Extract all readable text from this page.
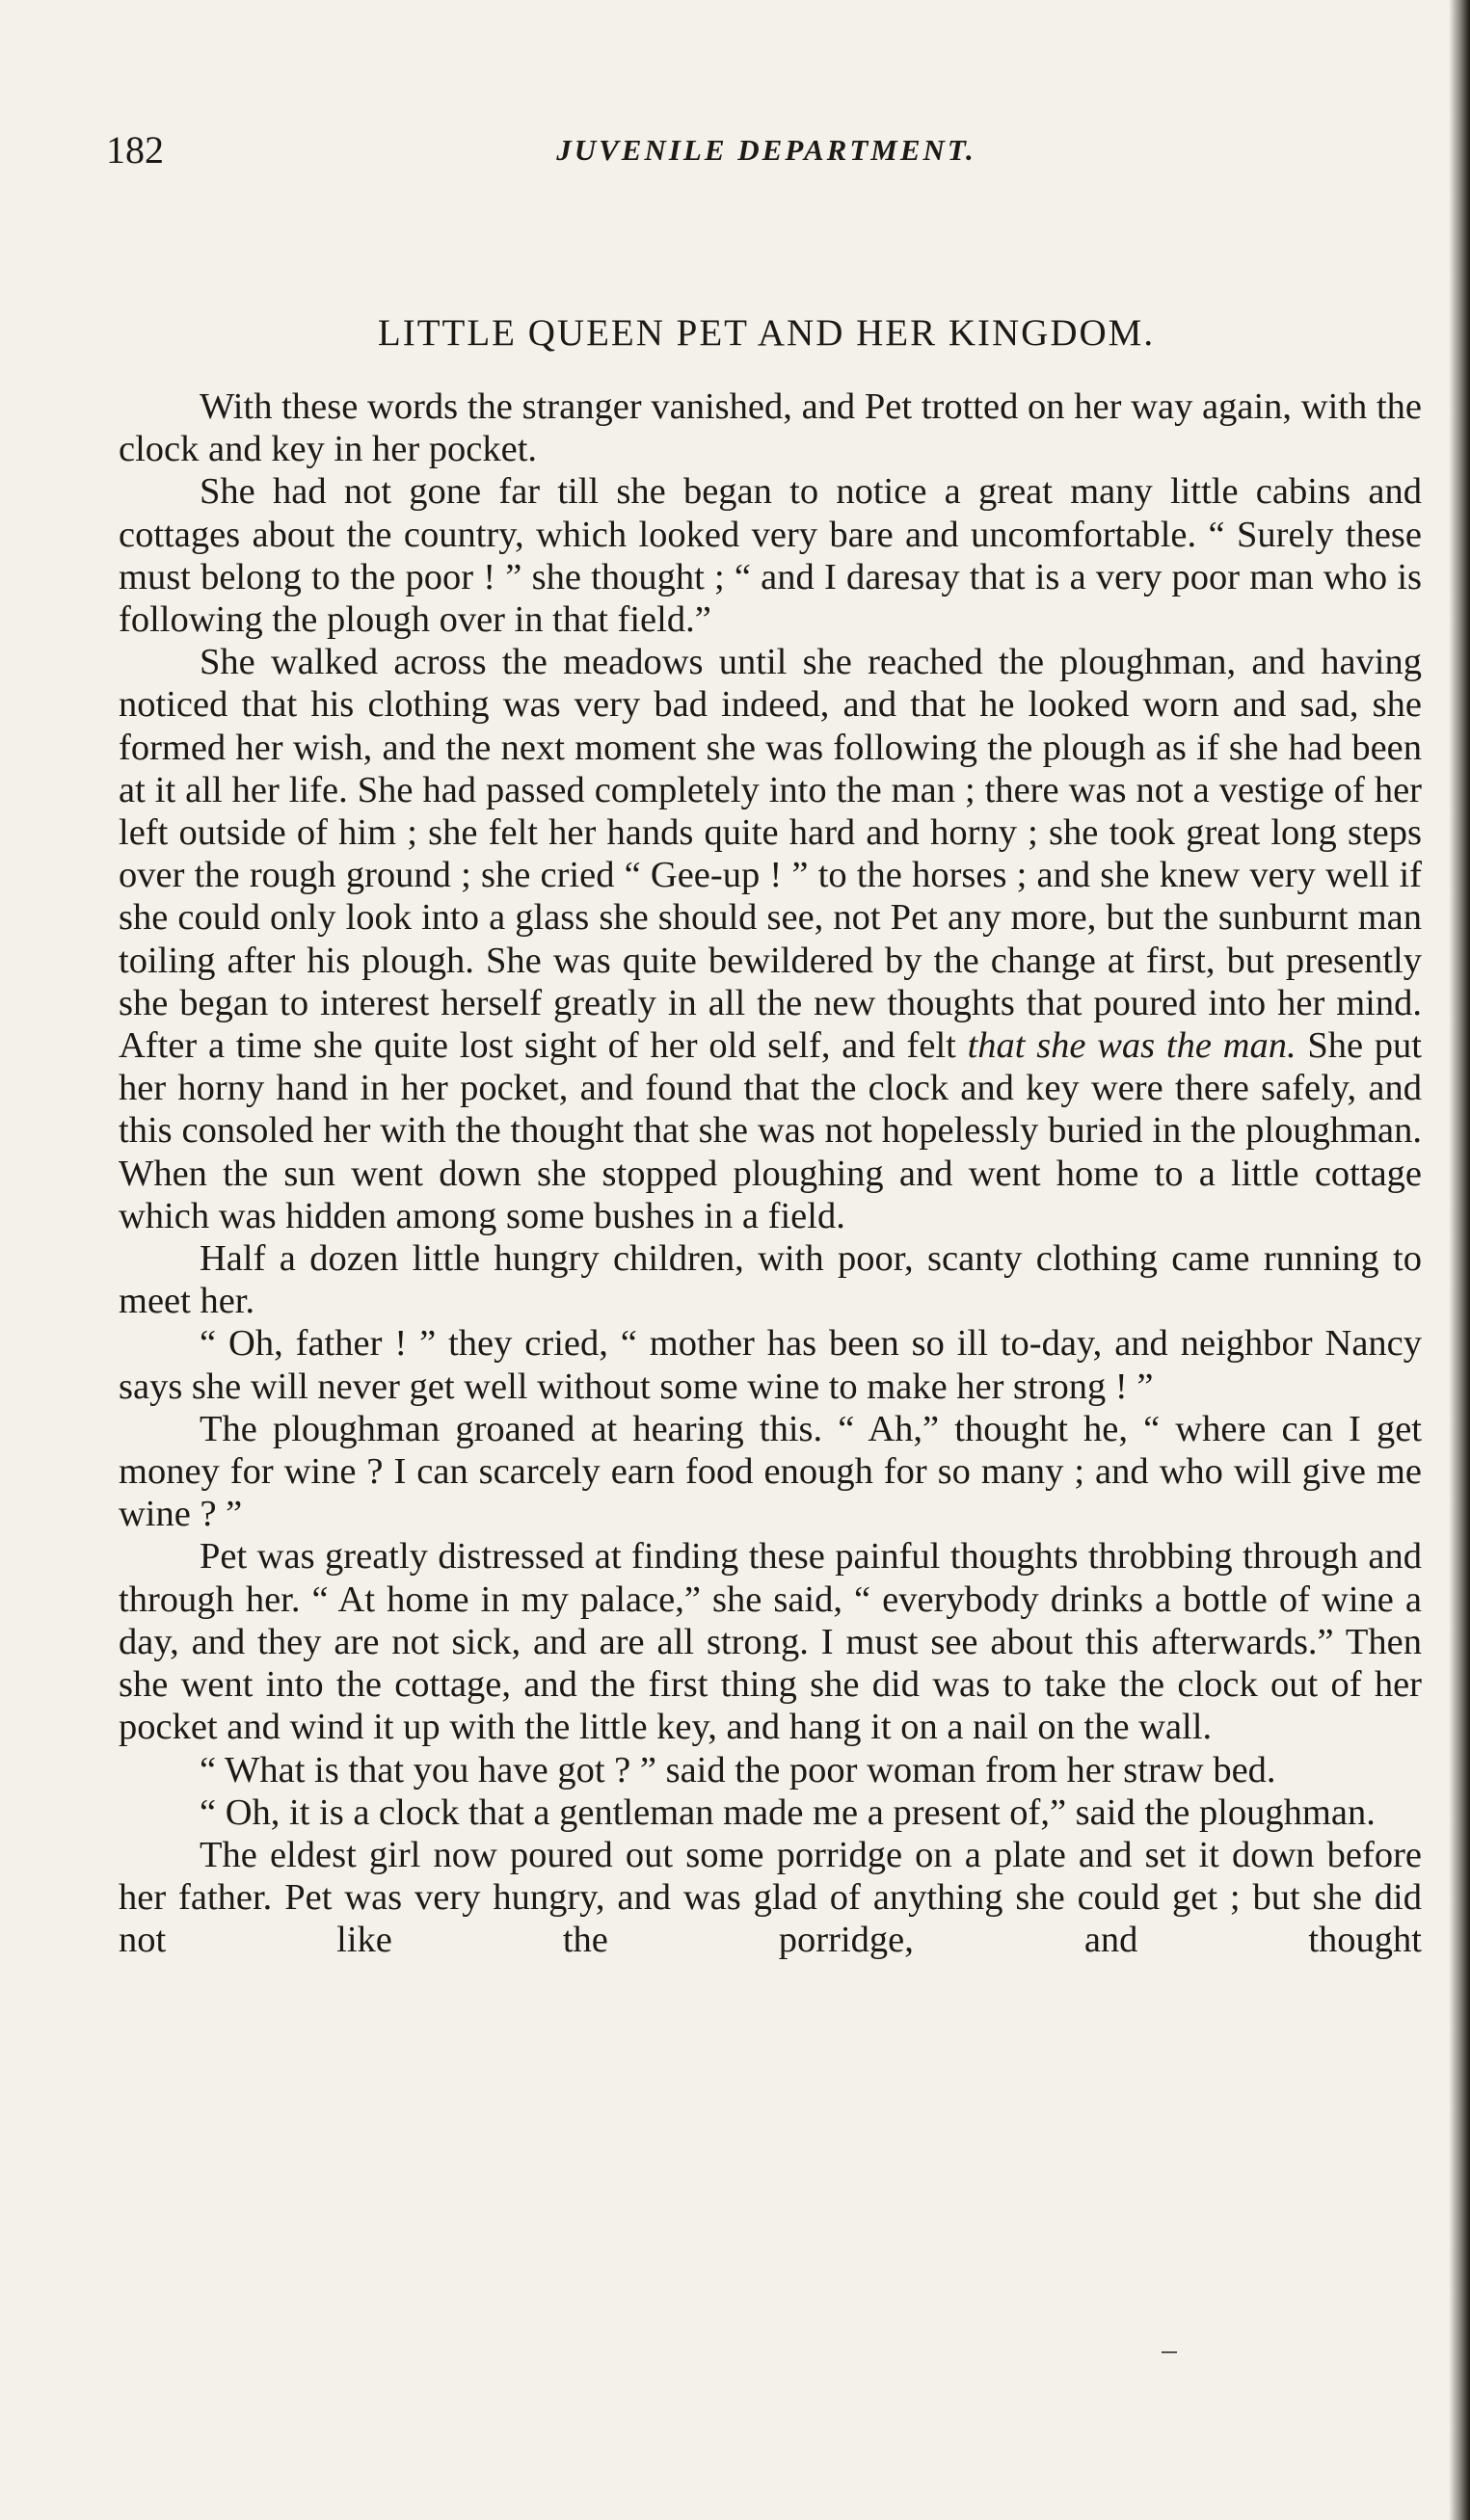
182	JUVENILE DEPARTMENT.
LITTLE QUEEN PET AND HER KINGDOM.

With these words the stranger vanished, and Pet trotted on her way again, with the clock and key in her pocket.

She had not gone far till she began to notice a great many little cabins and cottages about the country, which looked very bare and uncomfortable. “ Surely these must belong to the poor ! ” she thought ; “ and I daresay that is a very poor man who is following the plough over in that field.”

She walked across the meadows until she reached the ploughman, and having noticed that his clothing was very bad indeed, and that he looked worn and sad, she formed her wish, and the next moment she was following the plough as if she had been at it all her life. She had passed completely into the man ; there was not a vestige of her left outside of him ; she felt her hands quite hard and horny ; she took great long steps over the rough ground ; she cried “ Gee-up ! ” to the horses ; and she knew very well if she could only look into a glass she should see, not Pet any more, but the sunburnt man toiling after his plough. She was quite bewildered by the change at first, but presently she began to interest herself greatly in all the new thoughts that poured into her mind. After a time she quite lost sight of her old self, and felt that she was the man. She put her horny hand in her pocket, and found that the clock and key were there safely, and this consoled her with the thought that she was not hopelessly buried in the ploughman. When the sun went down she stopped ploughing and went home to a little cottage which was hidden among some bushes in a field.

Half a dozen little hungry children, with poor, scanty clothing came running to meet her.

“ Oh, father ! ” they cried, “ mother has been so ill to-day, and neighbor Nancy says she will never get well without some wine to make her strong ! ”

The ploughman groaned at hearing this. “ Ah,” thought he, “ where can I get money for wine ? I can scarcely earn food enough for so many ; and who will give me wine ? ”

Pet was greatly distressed at finding these painful thoughts throbbing through and through her. “ At home in my palace,” she said, “ everybody drinks a bottle of wine a day, and they are not sick, and are all strong. I must see about this afterwards.” Then she went into the cottage, and the first thing she did was to take the clock out of her pocket and wind it up with the little key, and hang it on a nail on the wall.

“ What is that you have got ? ” said the poor woman from her straw bed.

“ Oh, it is a clock that a gentleman made me a present of,” said the ploughman.

The eldest girl now poured out some porridge on a plate and set it down before her father. Pet was very hungry, and was glad of anything she could get ; but she did not like the porridge, and thought
